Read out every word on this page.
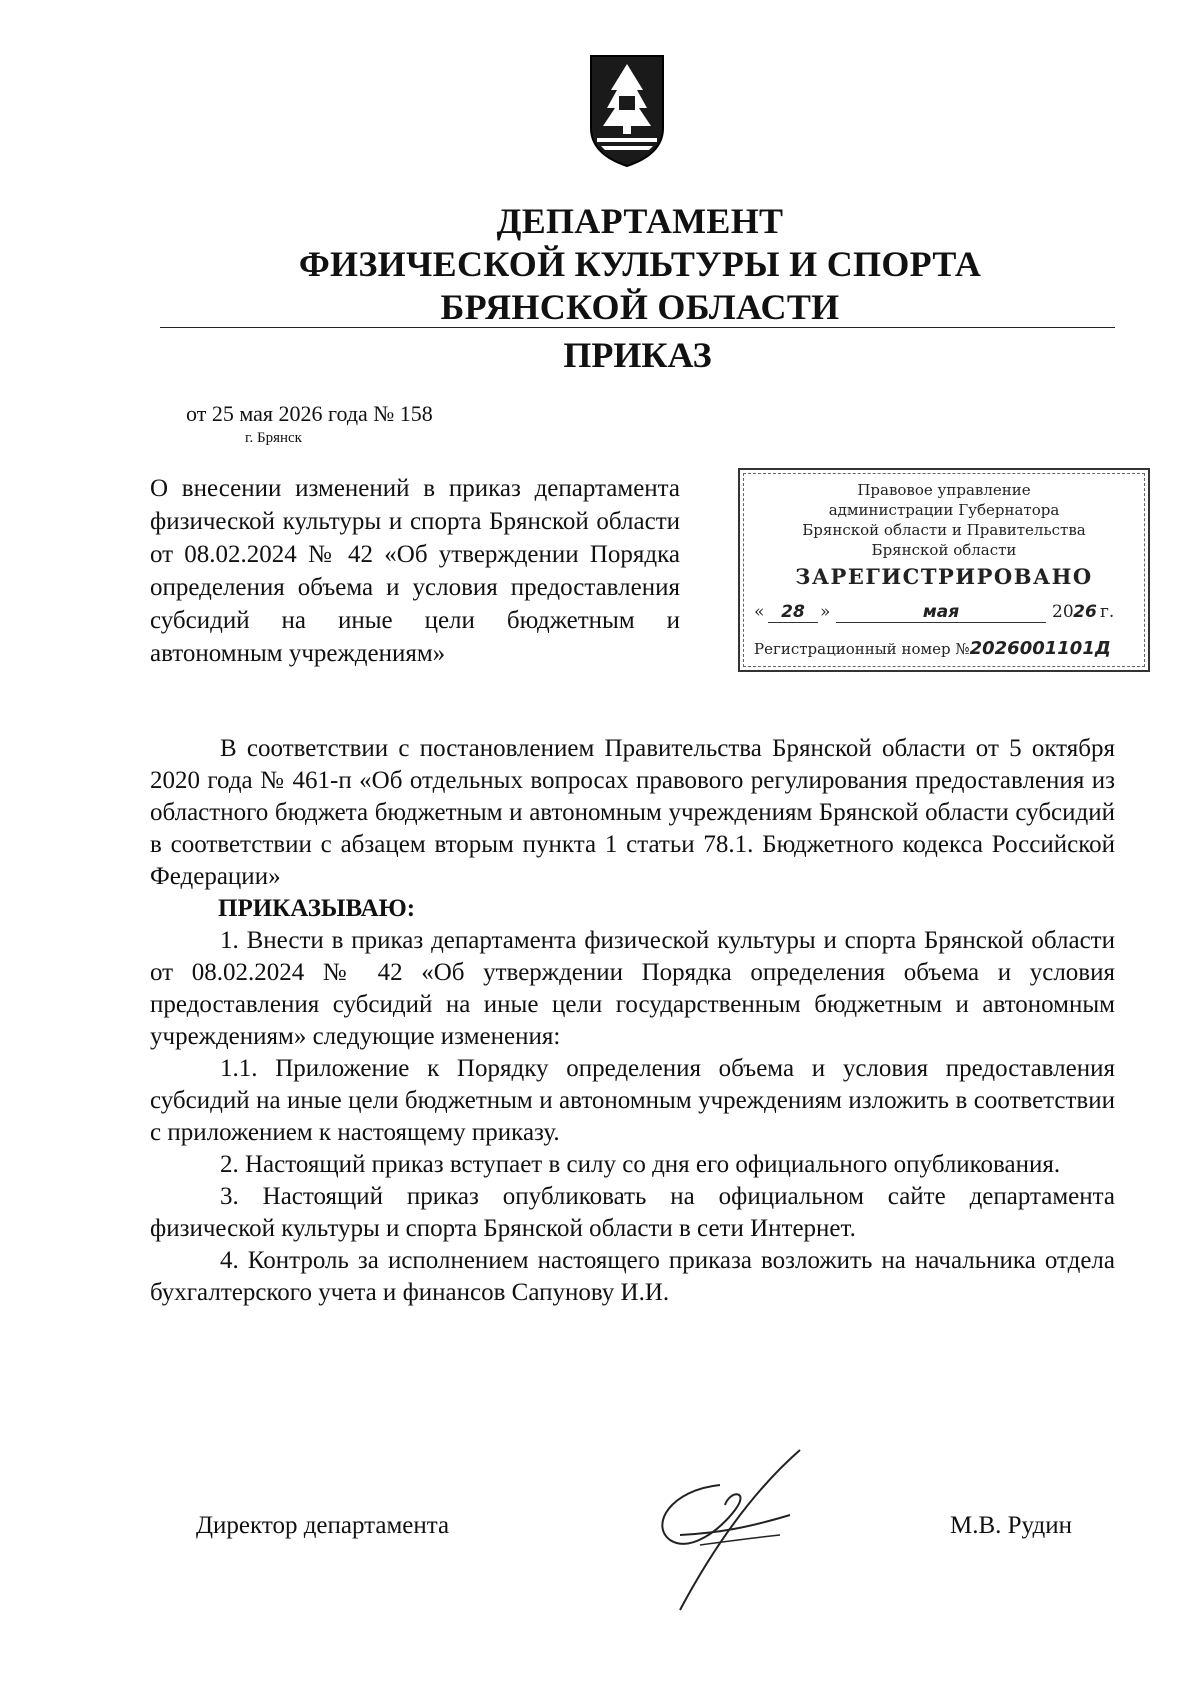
ДЕПАРТАМЕНТ
ФИЗИЧЕСКОЙ КУЛЬТУРЫ И СПОРТА
БРЯНСКОЙ ОБЛАСТИ
ПРИКАЗ
от 25 мая 2026 года № 158
г. Брянск
О внесении изменений в приказ департамента физической культуры и спорта Брянской области от 08.02.2024 № 42 «Об утверждении Порядка определения объема и условия предоставления субсидий на иные цели бюджетным и автономным учреждениям»
Правовое управление
администрации Губернатора
Брянской области и Правительства
Брянской области
ЗАРЕГИСТРИРОВАНО
« 28 »	мая	20 26 г.
Регистрационный номер №2026001101Д

В соответствии с постановлением Правительства Брянской области от 5 октября 2020 года № 461-п «Об отдельных вопросах правового регулирования предоставления из областного бюджета бюджетным и автономным учреждениям Брянской области субсидий в соответствии с абзацем вторым пункта 1 статьи 78.1. Бюджетного кодекса Российской Федерации»

ПРИКАЗЫВАЮ:

1. Внести в приказ департамента физической культуры и спорта Брянской области от 08.02.2024 № 42 «Об утверждении Порядка определения объема и условия предоставления субсидий на иные цели государственным бюджетным и автономным учреждениям» следующие изменения:

1.1. Приложение к Порядку определения объема и условия предоставления субсидий на иные цели бюджетным и автономным учреждениям изложить в соответствии с приложением к настоящему приказу.

2. Настоящий приказ вступает в силу со дня его официального опубликования.

3. Настоящий приказ опубликовать на официальном сайте департамента физической культуры и спорта Брянской области в сети Интернет.

4. Контроль за исполнением настоящего приказа возложить на начальника отдела бухгалтерского учета и финансов Сапунову И.И.

Директор департамента	М.В. Рудин
